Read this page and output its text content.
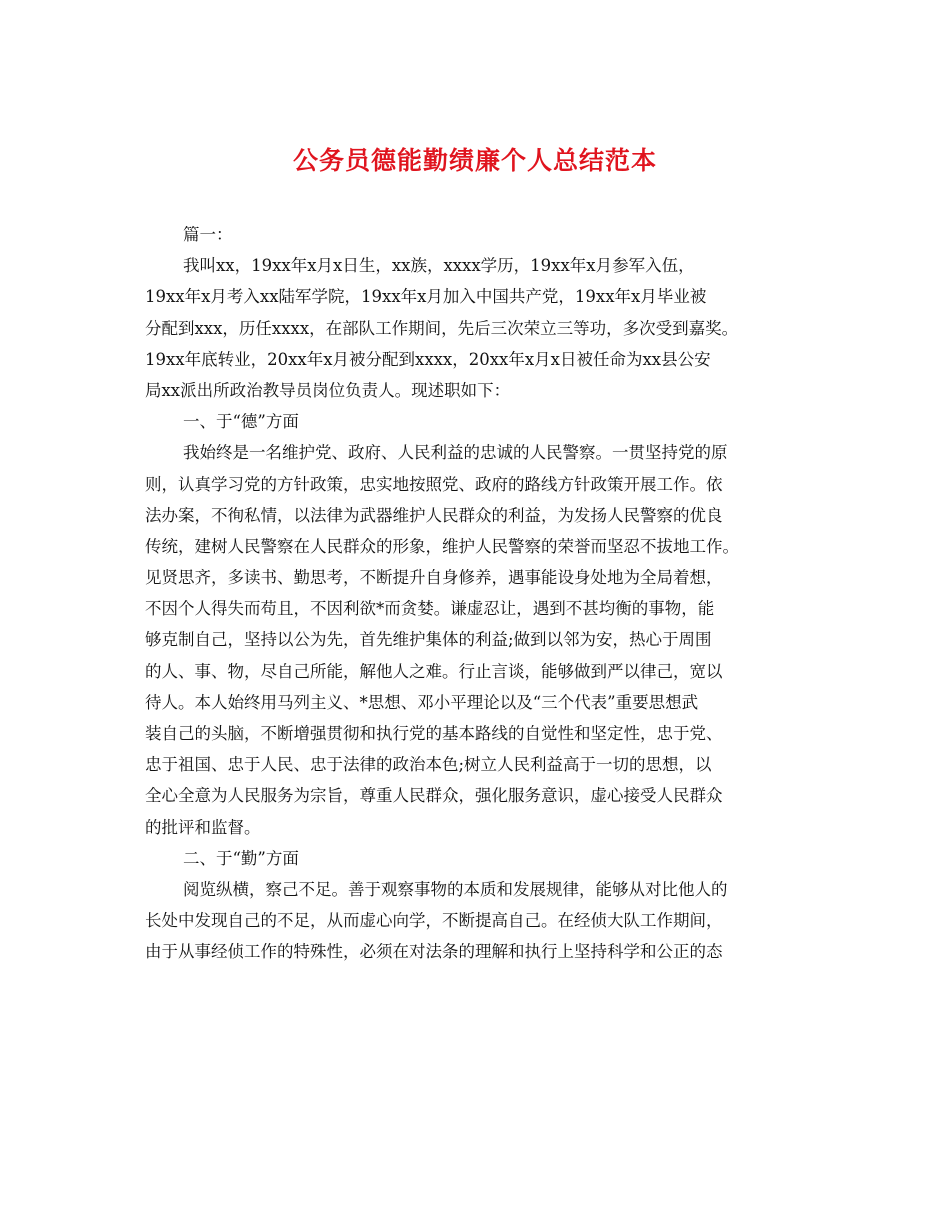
公务员德能勤绩廉个人总结范本
篇一：
我叫xx，19xx年x月x日生，xx族，xxxx学历，19xx年x月参军入伍，
19xx年x月考入xx陆军学院，19xx年x月加入中国共产党，19xx年x月毕业被
分配到xxx，历任xxxx，在部队工作期间，先后三次荣立三等功，多次受到嘉奖。
19xx年底转业，20xx年x月被分配到xxxx，20xx年x月x日被任命为xx县公安
局xx派出所政治教导员岗位负责人。现述职如下：
一、于“德”方面
我始终是一名维护党、政府、人民利益的忠诚的人民警察。一贯坚持党的原
则，认真学习党的方针政策，忠实地按照党、政府的路线方针政策开展工作。依
法办案，不徇私情，以法律为武器维护人民群众的利益，为发扬人民警察的优良
传统，建树人民警察在人民群众的形象，维护人民警察的荣誉而坚忍不拔地工作。
见贤思齐，多读书、勤思考，不断提升自身修养，遇事能设身处地为全局着想，
不因个人得失而苟且，不因利欲*而贪婪。谦虚忍让，遇到不甚均衡的事物，能
够克制自己，坚持以公为先，首先维护集体的利益;做到以邻为安，热心于周围
的人、事、物，尽自己所能，解他人之难。行止言谈，能够做到严以律己，宽以
待人。本人始终用马列主义、*思想、邓小平理论以及“三个代表”重要思想武
装自己的头脑，不断增强贯彻和执行党的基本路线的自觉性和坚定性，忠于党、
忠于祖国、忠于人民、忠于法律的政治本色;树立人民利益高于一切的思想，以
全心全意为人民服务为宗旨，尊重人民群众，强化服务意识，虚心接受人民群众
的批评和监督。
二、于“勤”方面
阅览纵横，察己不足。善于观察事物的本质和发展规律，能够从对比他人的
长处中发现自己的不足，从而虚心向学，不断提高自己。在经侦大队工作期间，
由于从事经侦工作的特殊性，必须在对法条的理解和执行上坚持科学和公正的态
